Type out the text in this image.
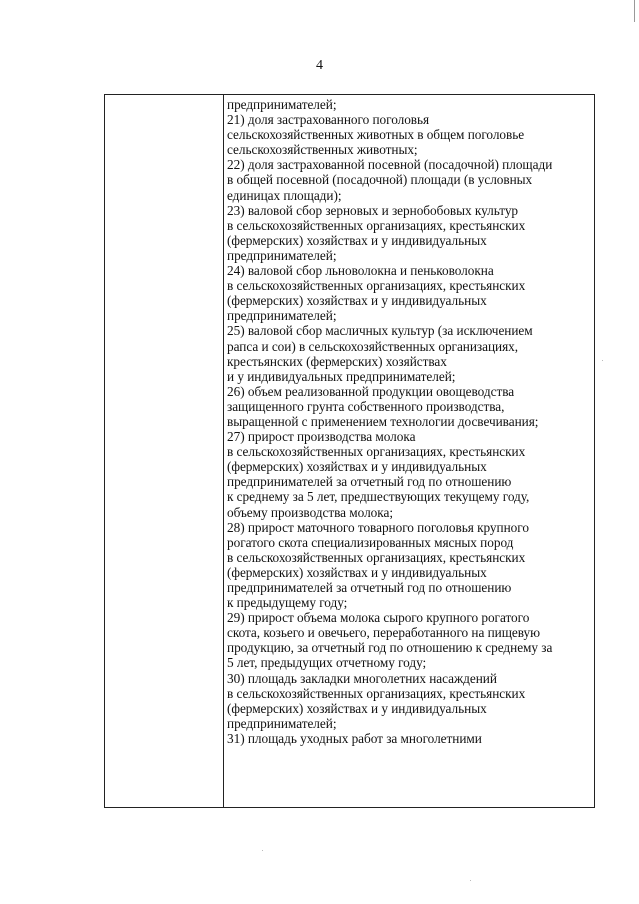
4
предпринимателей;
21) доля застрахованного поголовья
сельскохозяйственных животных в общем поголовье
сельскохозяйственных животных;
22) доля застрахованной посевной (посадочной) площади
в общей посевной (посадочной) площади (в условных
единицах площади);
23) валовой сбор зерновых и зернобобовых культур
в сельскохозяйственных организациях, крестьянских
(фермерских) хозяйствах и у индивидуальных
предпринимателей;
24) валовой сбор льноволокна и пеньковолокна
в сельскохозяйственных организациях, крестьянских
(фермерских) хозяйствах и у индивидуальных
предпринимателей;
25) валовой сбор масличных культур (за исключением
рапса и сои) в сельскохозяйственных организациях,
крестьянских (фермерских) хозяйствах
и у индивидуальных предпринимателей;
26) объем реализованной продукции овощеводства
защищенного грунта собственного производства,
выращенной с применением технологии досвечивания;
27) прирост производства молока
в сельскохозяйственных организациях, крестьянских
(фермерских) хозяйствах и у индивидуальных
предпринимателей за отчетный год по отношению
к среднему за 5 лет, предшествующих текущему году,
объему производства молока;
28) прирост маточного товарного поголовья крупного
рогатого скота специализированных мясных пород
в сельскохозяйственных организациях, крестьянских
(фермерских) хозяйствах и у индивидуальных
предпринимателей за отчетный год по отношению
к предыдущему году;
29) прирост объема молока сырого крупного рогатого
скота, козьего и овечьего, переработанного на пищевую
продукцию, за отчетный год по отношению к среднему за
5 лет, предыдущих отчетному году;
30) площадь закладки многолетних насаждений
в сельскохозяйственных организациях, крестьянских
(фермерских) хозяйствах и у индивидуальных
предпринимателей;
31) площадь уходных работ за многолетними
